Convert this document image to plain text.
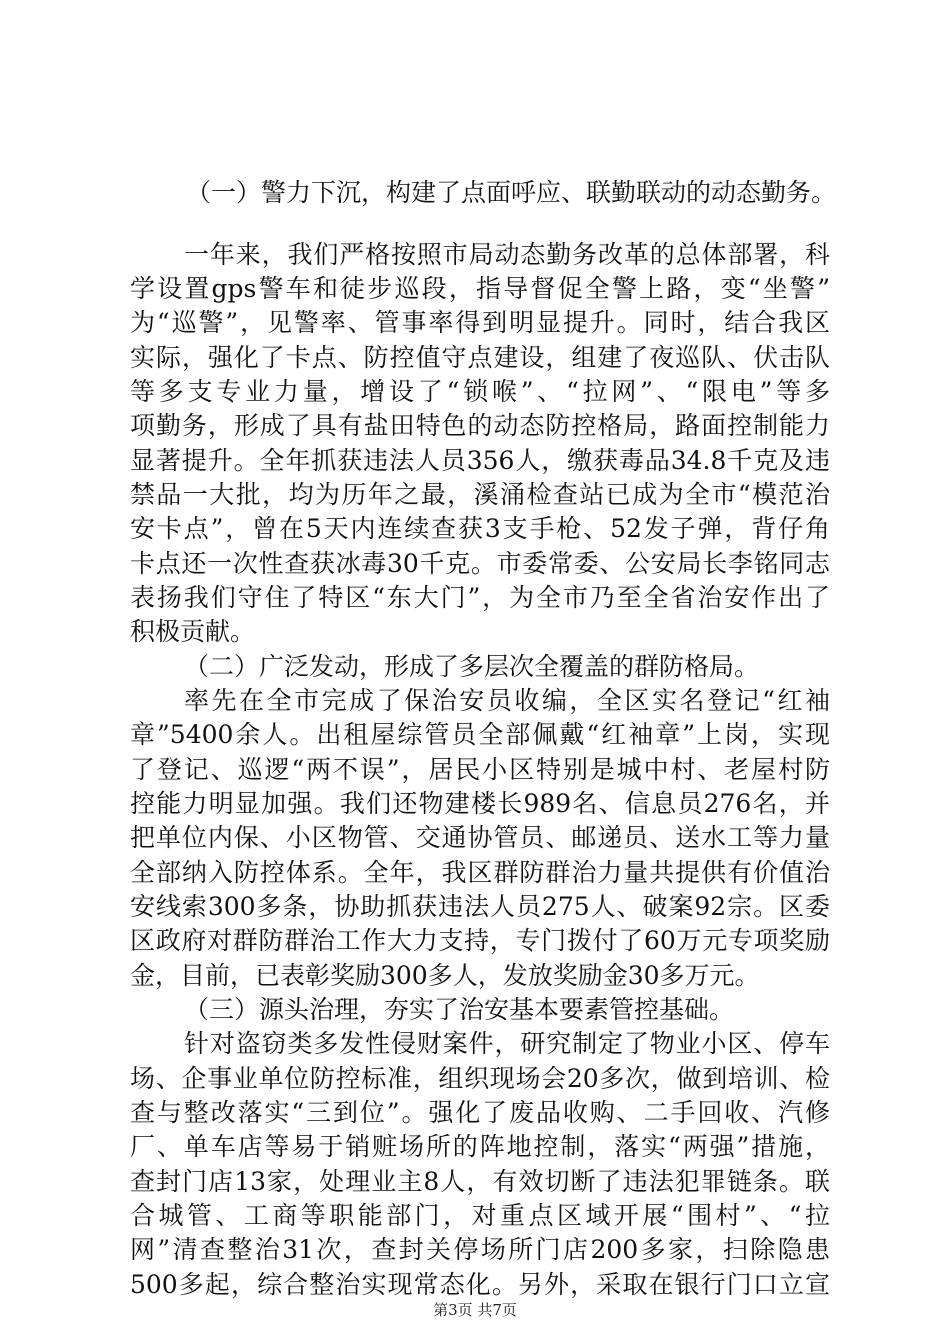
（一）警力下沉，构建了点面呼应、联勤联动的动态勤务。
一年来，我们严格按照市局动态勤务改革的总体部署，科
学设置gps警车和徒步巡段，指导督促全警上路，变“坐警”
为“巡警”，见警率、管事率得到明显提升。同时，结合我区
实际，强化了卡点、防控值守点建设，组建了夜巡队、伏击队
等多支专业力量，增设了“锁喉”、“拉网”、“限电”等多
项勤务，形成了具有盐田特色的动态防控格局，路面控制能力
显著提升。全年抓获违法人员356人，缴获毒品34.8千克及违
禁品一大批，均为历年之最，溪涌检查站已成为全市“模范治
安卡点”，曾在5天内连续查获3支手枪、52发子弹，背仔角
卡点还一次性查获冰毒30千克。市委常委、公安局长李铭同志
表扬我们守住了特区“东大门”，为全市乃至全省治安作出了
积极贡献。
（二）广泛发动，形成了多层次全覆盖的群防格局。
率先在全市完成了保治安员收编，全区实名登记“红袖
章”5400余人。出租屋综管员全部佩戴“红袖章”上岗，实现
了登记、巡逻“两不误”，居民小区特别是城中村、老屋村防
控能力明显加强。我们还物建楼长989名、信息员276名，并
把单位内保、小区物管、交通协管员、邮递员、送水工等力量
全部纳入防控体系。全年，我区群防群治力量共提供有价值治
安线索300多条，协助抓获违法人员275人、破案92宗。区委
区政府对群防群治工作大力支持，专门拨付了60万元专项奖励
金，目前，已表彰奖励300多人，发放奖励金30多万元。
（三）源头治理，夯实了治安基本要素管控基础。
针对盗窃类多发性侵财案件，研究制定了物业小区、停车
场、企事业单位防控标准，组织现场会20多次，做到培训、检
查与整改落实“三到位”。强化了废品收购、二手回收、汽修
厂、单车店等易于销赃场所的阵地控制，落实“两强”措施，
查封门店13家，处理业主8人，有效切断了违法犯罪链条。联
合城管、工商等职能部门，对重点区域开展“围村”、“拉
网”清查整治31次，查封关停场所门店200多家，扫除隐患
500多起，综合整治实现常态化。另外，采取在银行门口立宣
第3页 共7页
